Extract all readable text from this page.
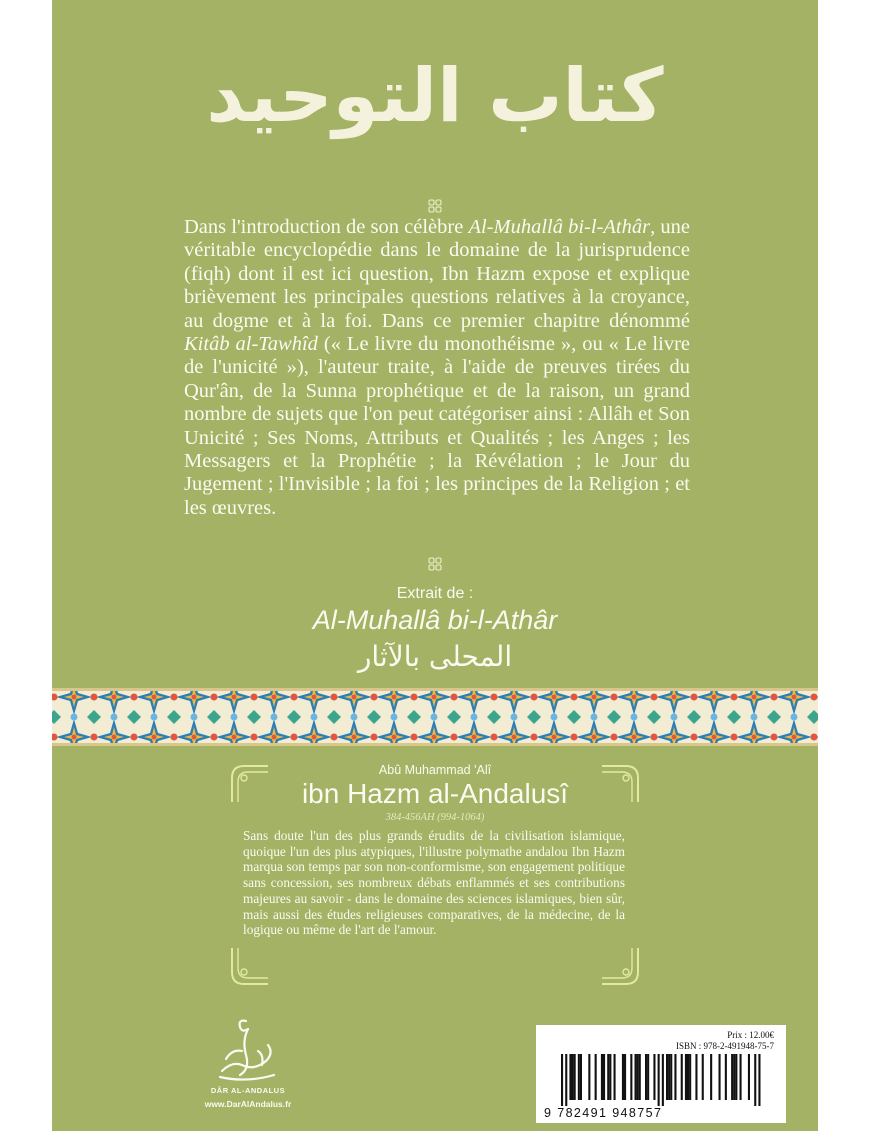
كتاب التوحيد
Dans l'introduction de son célèbre Al-Muhallâ bi-l-Athâr, une véritable encyclopédie dans le domaine de la jurisprudence (fiqh) dont il est ici question, Ibn Hazm expose et explique brièvement les principales questions relatives à la croyance, au dogme et à la foi. Dans ce premier chapitre dénommé Kitâb al-Tawhîd (« Le livre du monothéisme », ou « Le livre de l'unicité »), l'auteur traite, à l'aide de preuves tirées du Qur'ân, de la Sunna prophétique et de la raison, un grand nombre de sujets que l'on peut catégoriser ainsi : Allâh et Son Unicité ; Ses Noms, Attributs et Qualités ; les Anges ; les Messagers et la Prophétie ; la Révélation ; le Jour du Jugement ; l'Invisible ; la foi ; les principes de la Religion ; et les œuvres.
Extrait de :
Al-Muhallâ bi-l-Athâr
المحلى بالآثار
Abû Muhammad 'Alî
ibn Hazm al-Andalusî
384-456AH (994-1064)
Sans doute l'un des plus grands érudits de la civilisation islamique, quoique l'un des plus atypiques, l'illustre polymathe andalou Ibn Hazm marqua son temps par son non-conformisme, son engagement politique sans concession, ses nombreux débats enflammés et ses contributions majeures au savoir - dans le domaine des sciences islamiques, bien sûr, mais aussi des études religieuses comparatives, de la médecine, de la logique ou même de l'art de l'amour.
DÂR AL-ANDALUS
www.DarAlAndalus.fr
Prix : 12.00€
ISBN : 978-2-491948-75-7
9 782491 948757
